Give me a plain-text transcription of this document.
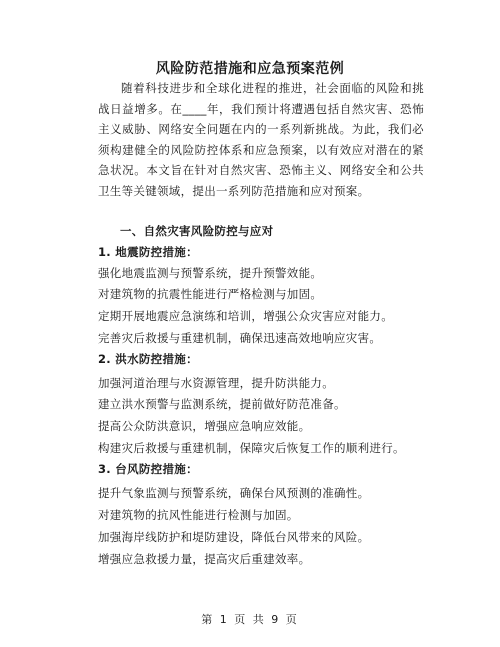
风险防范措施和应急预案范例
随着科技进步和全球化进程的推进，社会面临的风险和挑战日益增多。在____年，我们预计将遭遇包括自然灾害、恐怖主义威胁、网络安全问题在内的一系列新挑战。为此，我们必须构建健全的风险防控体系和应急预案，以有效应对潜在的紧急状况。本文旨在针对自然灾害、恐怖主义、网络安全和公共卫生等关键领域，提出一系列防范措施和应对预案。
一、自然灾害风险防控与应对
1. 地震防控措施：
强化地震监测与预警系统，提升预警效能。
对建筑物的抗震性能进行严格检测与加固。
定期开展地震应急演练和培训，增强公众灾害应对能力。
完善灾后救援与重建机制，确保迅速高效地响应灾害。
2. 洪水防控措施：
加强河道治理与水资源管理，提升防洪能力。
建立洪水预警与监测系统，提前做好防范准备。
提高公众防洪意识，增强应急响应效能。
构建灾后救援与重建机制，保障灾后恢复工作的顺利进行。
3. 台风防控措施：
提升气象监测与预警系统，确保台风预测的准确性。
对建筑物的抗风性能进行检测与加固。
加强海岸线防护和堤防建设，降低台风带来的风险。
增强应急救援力量，提高灾后重建效率。
第 1 页 共 9 页
